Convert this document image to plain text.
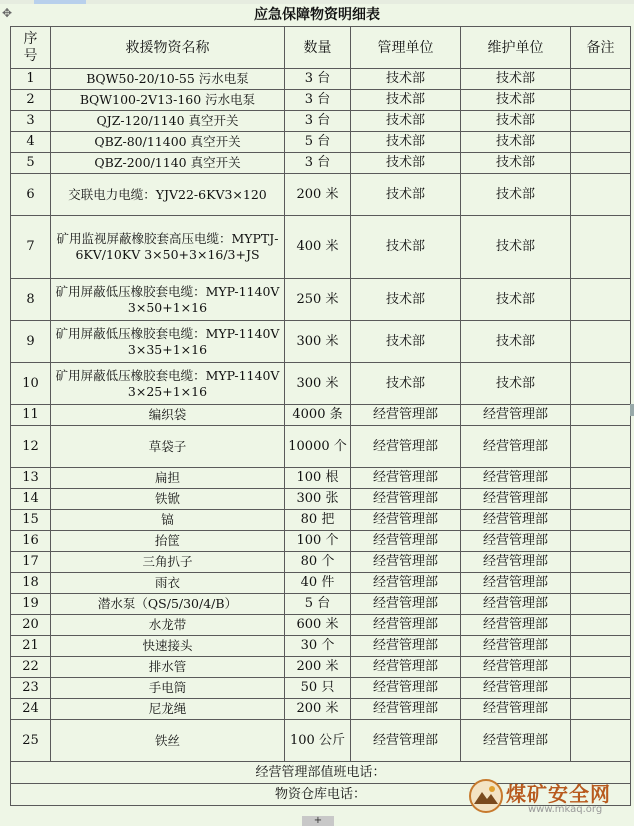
✥	应急保障物资明细表
序号	救援物资名称	数量	管理单位	维护单位	备注
1	BQW50-20/10-55 污水电泵	3 台	技术部	技术部	
2	BQW100-2V13-160 污水电泵	3 台	技术部	技术部	
3	QJZ-120/1140 真空开关	3 台	技术部	技术部	
4	QBZ-80/11400 真空开关	5 台	技术部	技术部	
5	QBZ-200/1140 真空开关	3 台	技术部	技术部	
6	交联电力电缆：YJV22-6KV3×120	200 米	技术部	技术部	
7	矿用监视屏蔽橡胶套高压电缆：MYPTJ-6KV/10KV 3×50+3×16/3+JS	400 米	技术部	技术部	
8	矿用屏蔽低压橡胶套电缆：MYP-1140V 3×50+1×16	250 米	技术部	技术部	
9	矿用屏蔽低压橡胶套电缆：MYP-1140V 3×35+1×16	300 米	技术部	技术部	
10	矿用屏蔽低压橡胶套电缆：MYP-1140V 3×25+1×16	300 米	技术部	技术部	
11	编织袋	4000 条	经营管理部	经营管理部	
12	草袋子	10000 个	经营管理部	经营管理部	
13	扁担	100 根	经营管理部	经营管理部	
14	铁锨	300 张	经营管理部	经营管理部	
15	镐	80 把	经营管理部	经营管理部	
16	抬筐	100 个	经营管理部	经营管理部	
17	三角扒子	80 个	经营管理部	经营管理部	
18	雨衣	40 件	经营管理部	经营管理部	
19	潜水泵（QS/5/30/4/B）	5 台	经营管理部	经营管理部	
20	水龙带	600 米	经营管理部	经营管理部	
21	快速接头	30 个	经营管理部	经营管理部	
22	排水管	200 米	经营管理部	经营管理部	
23	手电筒	50 只	经营管理部	经营管理部	
24	尼龙绳	200 米	经营管理部	经营管理部	
25	铁丝	100 公斤	经营管理部	经营管理部	
经营管理部值班电话：					
物资仓库电话：						煤矿安全网
www.mkaq.org
+
